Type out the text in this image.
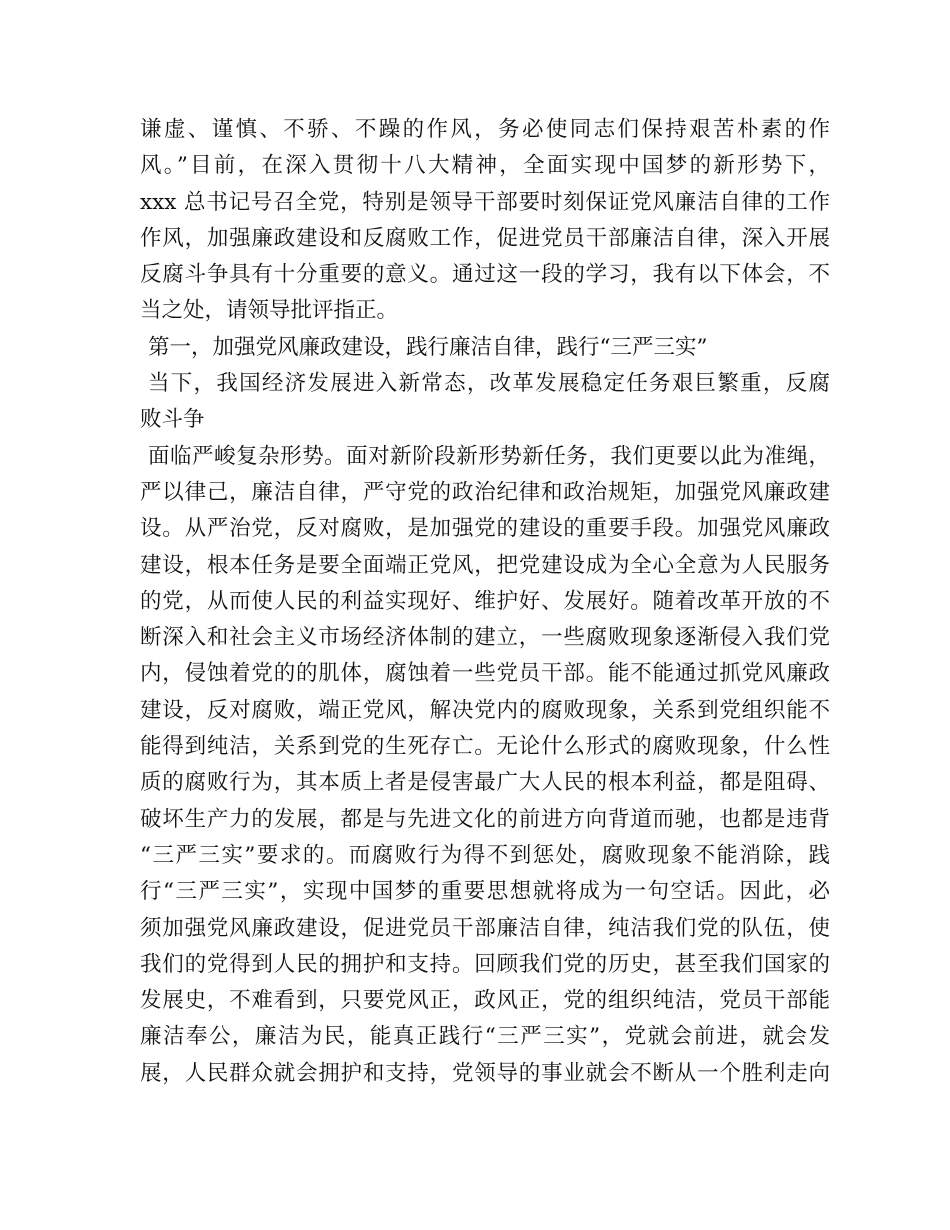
谦虚、谨慎、不骄、不躁的作风，务必使同志们保持艰苦朴素的作
风。”目前，在深入贯彻十八大精神，全面实现中国梦的新形势下，
xxx 总书记号召全党，特别是领导干部要时刻保证党风廉洁自律的工作
作风，加强廉政建设和反腐败工作，促进党员干部廉洁自律，深入开展
反腐斗争具有十分重要的意义。通过这一段的学习，我有以下体会，不
当之处，请领导批评指正。
第一，加强党风廉政建设，践行廉洁自律，践行“三严三实”
当下，我国经济发展进入新常态，改革发展稳定任务艰巨繁重，反腐
败斗争
面临严峻复杂形势。面对新阶段新形势新任务，我们更要以此为准绳，
严以律己，廉洁自律，严守党的政治纪律和政治规矩，加强党风廉政建
设。从严治党，反对腐败，是加强党的建设的重要手段。加强党风廉政
建设，根本任务是要全面端正党风，把党建设成为全心全意为人民服务
的党，从而使人民的利益实现好、维护好、发展好。随着改革开放的不
断深入和社会主义市场经济体制的建立，一些腐败现象逐渐侵入我们党
内，侵蚀着党的的肌体，腐蚀着一些党员干部。能不能通过抓党风廉政
建设，反对腐败，端正党风，解决党内的腐败现象，关系到党组织能不
能得到纯洁，关系到党的生死存亡。无论什么形式的腐败现象，什么性
质的腐败行为，其本质上者是侵害最广大人民的根本利益，都是阻碍、
破坏生产力的发展，都是与先进文化的前进方向背道而驰，也都是违背
“三严三实”要求的。而腐败行为得不到惩处，腐败现象不能消除，践
行“三严三实”，实现中国梦的重要思想就将成为一句空话。因此，必
须加强党风廉政建设，促进党员干部廉洁自律，纯洁我们党的队伍，使
我们的党得到人民的拥护和支持。回顾我们党的历史，甚至我们国家的
发展史，不难看到，只要党风正，政风正，党的组织纯洁，党员干部能
廉洁奉公，廉洁为民，能真正践行“三严三实”，党就会前进，就会发
展，人民群众就会拥护和支持，党领导的事业就会不断从一个胜利走向
